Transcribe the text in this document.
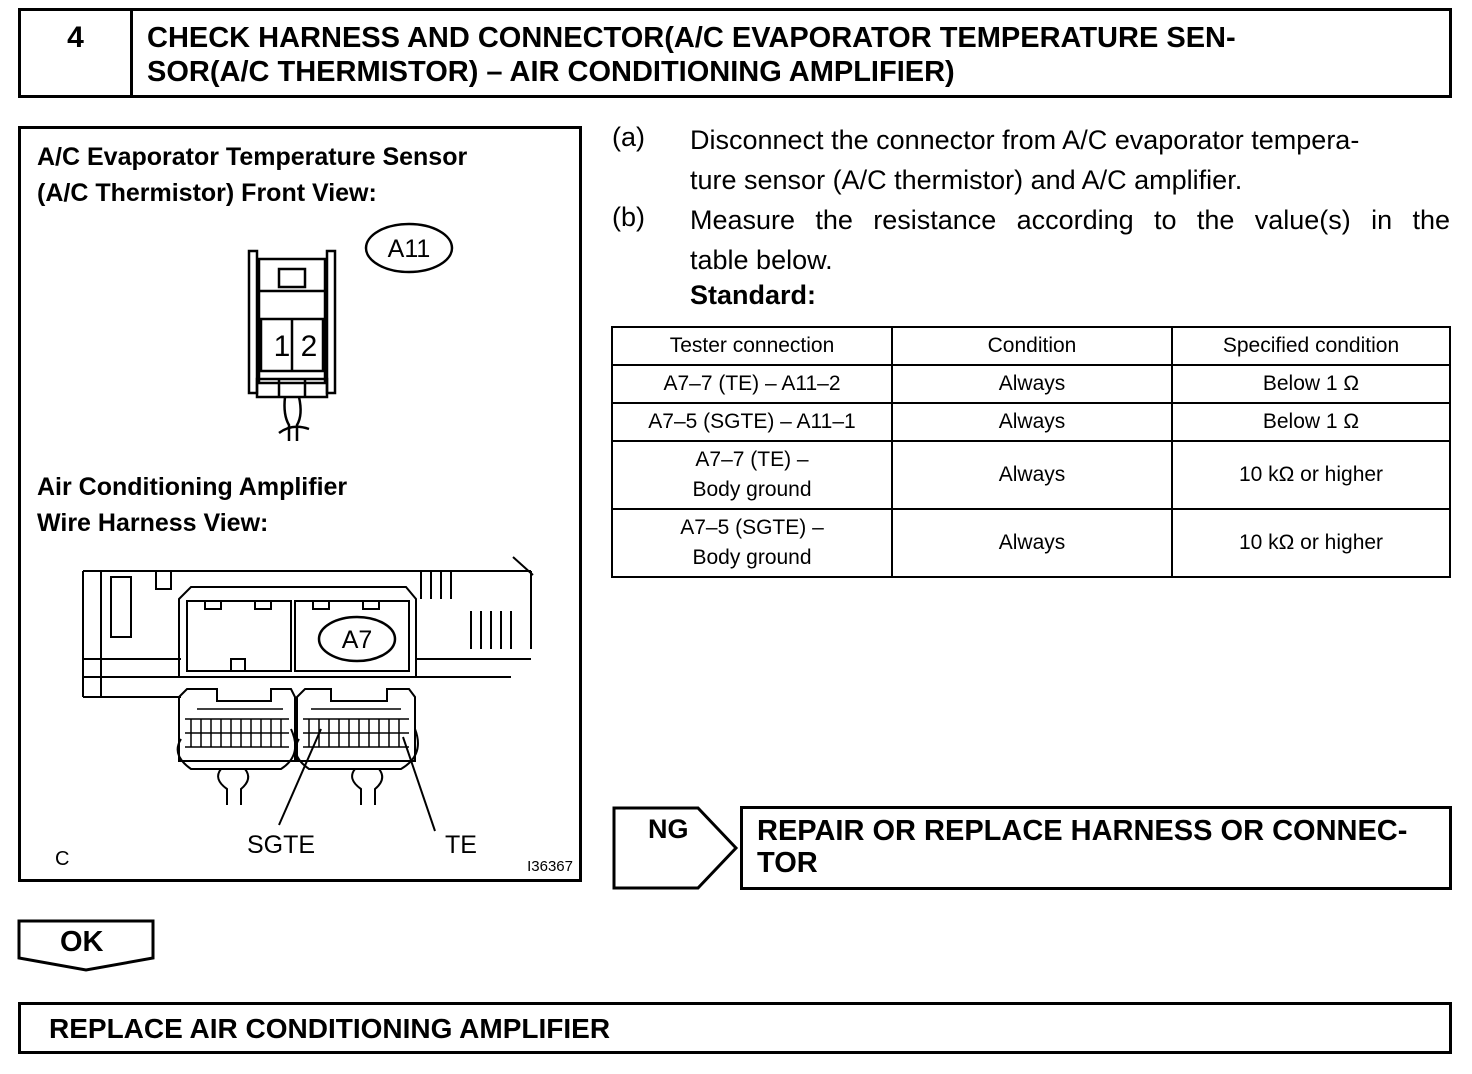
4	CHECK HARNESS AND CONNECTOR(A/C EVAPORATOR TEMPERATURE SEN-
SOR(A/C THERMISTOR) – AIR CONDITIONING AMPLIFIER)
A11
1 2
A7
SGTE	TE
C	I36367
A/C Evaporator Temperature Sensor
(A/C Thermistor) Front View:
Air Conditioning Amplifier
Wire Harness View:
(a) Disconnect the connector from A/C evaporator tempera-
ture sensor (A/C thermistor) and A/C amplifier.
(b) Measure the resistance according to the value(s) in the
table below.
Standard:
Tester connection	Condition	Specified condition
A7–7 (TE) – A11–2	Always	Below 1 Ω
A7–5 (SGTE) – A11–1	Always	Below 1 Ω

A7–7 (TE) –
Body ground	Always	10 kΩ or higher

A7–5 (SGTE) –
Body ground	Always	10 kΩ or higher
NG REPAIR OR REPLACE HARNESS OR CONNEC-
TOR
OK
REPLACE AIR CONDITIONING AMPLIFIER
